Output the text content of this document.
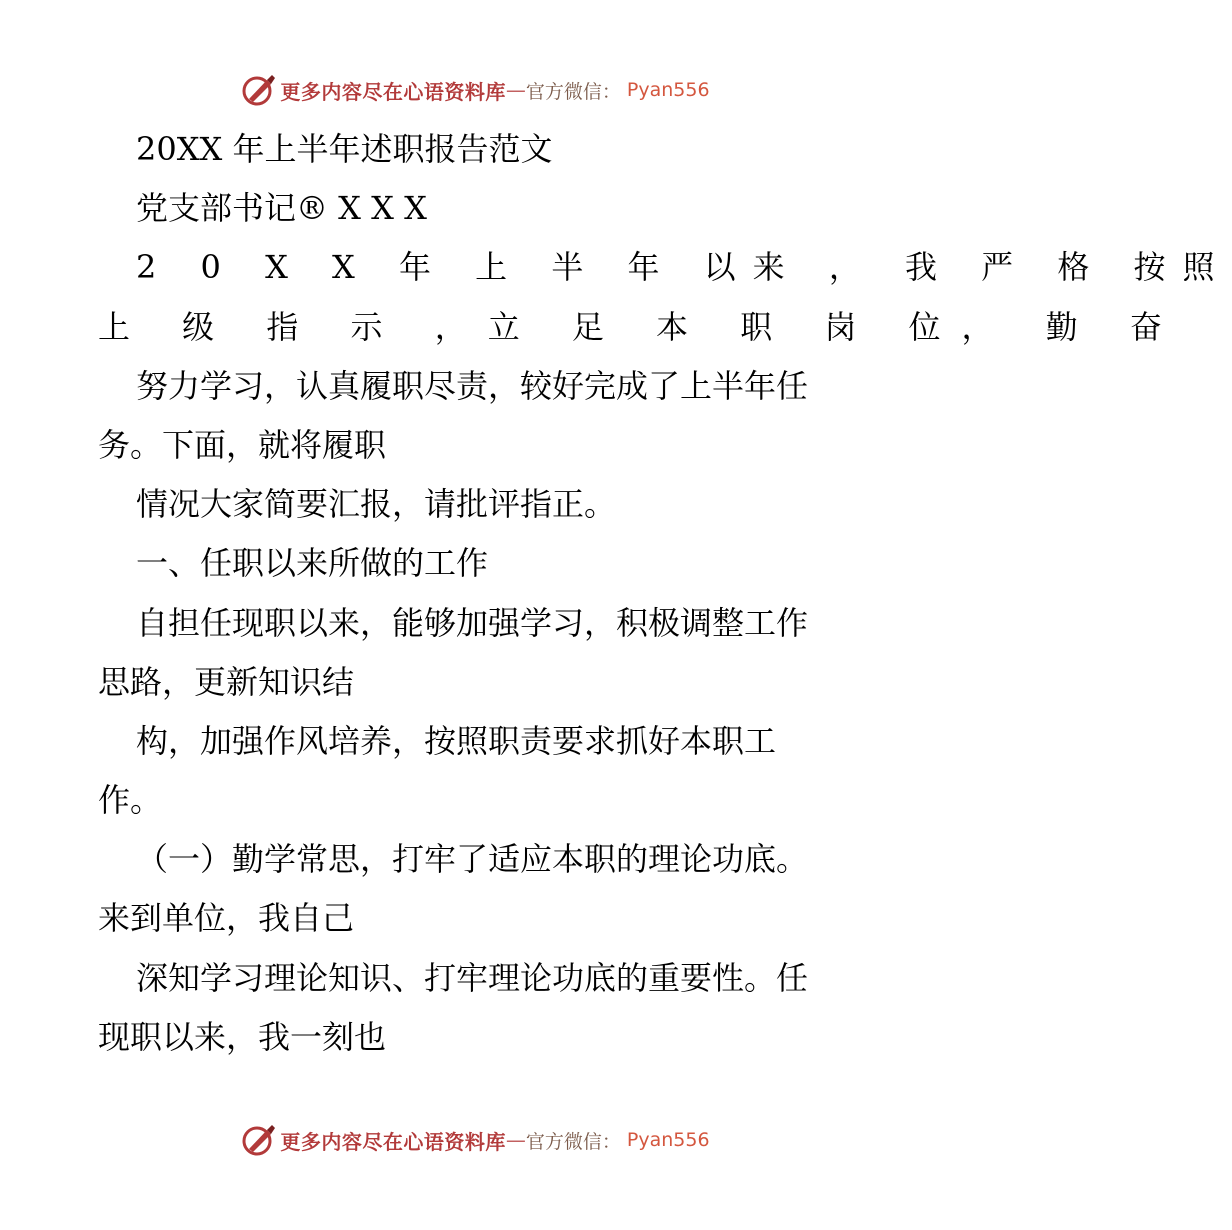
更多内容尽在心语资料库 — 官方微信： Pyan556
20XX 年上半年述职报告范文
党支部书记® X X X
2 0 X X 年 上 半 年 以来 ， 我 严 格 按照
上 级 指 示 ，立 足 本 职 岗 位， 勤 奋
努力学习，认真履职尽责，较好完成了上半年任
务。下面，就将履职
情况大家简要汇报，请批评指正。
一、任职以来所做的工作
自担任现职以来，能够加强学习，积极调整工作
思路，更新知识结
构，加强作风培养，按照职责要求抓好本职工
作。
（一）勤学常思，打牢了适应本职的理论功底。
来到单位，我自己
深知学习理论知识、打牢理论功底的重要性。任
现职以来，我一刻也
更多内容尽在心语资料库 — 官方微信： Pyan556
